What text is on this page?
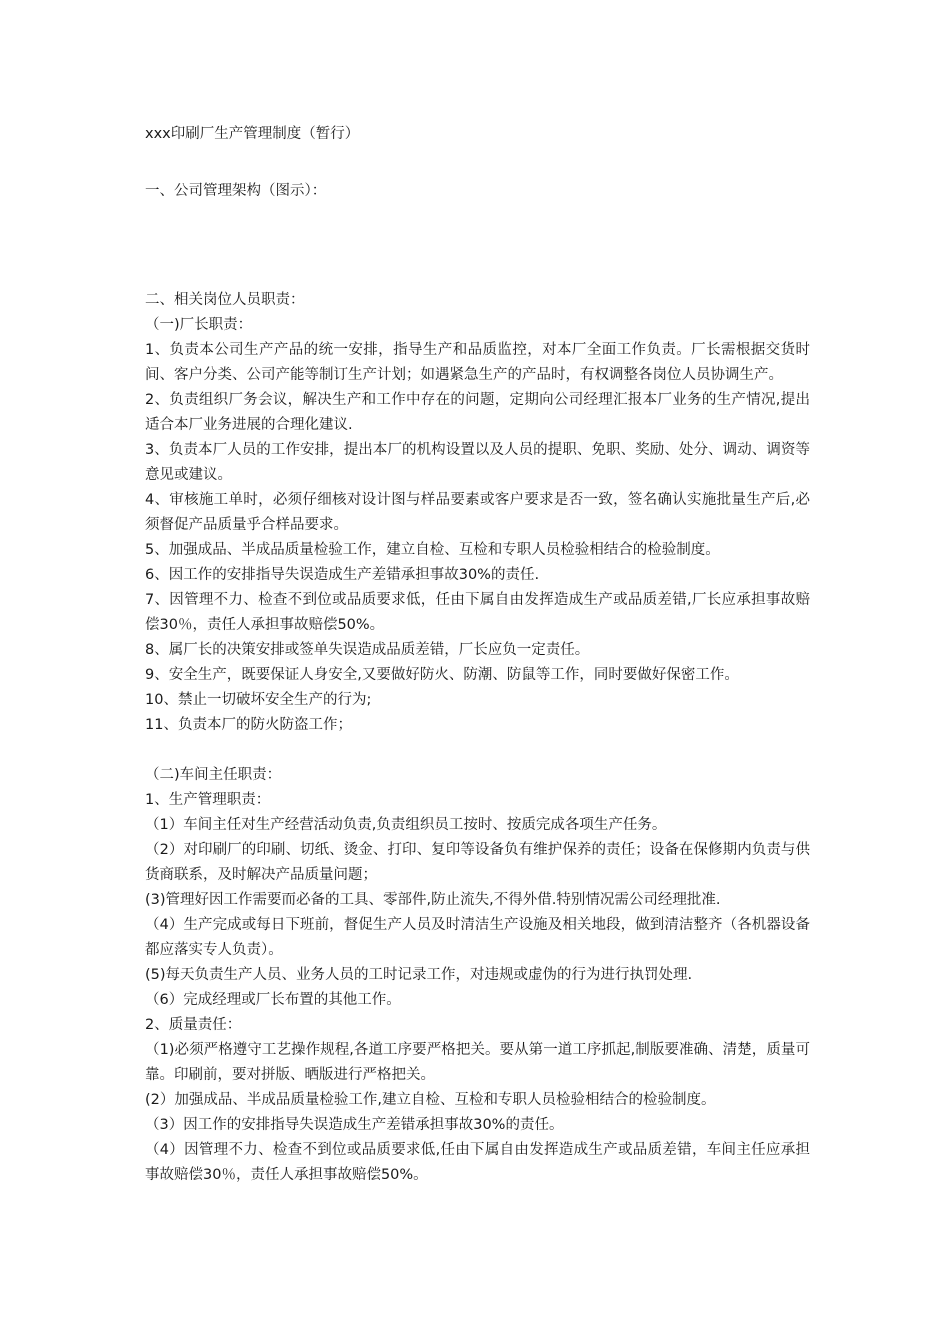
xxx印刷厂生产管理制度（暂行）
一、公司管理架构（图示）：
二、相关岗位人员职责：
（一)厂长职责：
1、负责本公司生产产品的统一安排，指导生产和品质监控，对本厂全面工作负责。厂长需根据交货时间、客户分类、公司产能等制订生产计划；如遇紧急生产的产品时，有权调整各岗位人员协调生产。
2、负责组织厂务会议，解决生产和工作中存在的问题，定期向公司经理汇报本厂业务的生产情况,提出适合本厂业务进展的合理化建议.
3、负责本厂人员的工作安排，提出本厂的机构设置以及人员的提职、免职、奖励、处分、调动、调资等意见或建议。
4、审核施工单时，必须仔细核对设计图与样品要素或客户要求是否一致，签名确认实施批量生产后,必须督促产品质量乎合样品要求。
5、加强成品、半成品质量检验工作，建立自检、互检和专职人员检验相结合的检验制度。
6、因工作的安排指导失误造成生产差错承担事故30%的责任.
7、因管理不力、检查不到位或品质要求低，任由下属自由发挥造成生产或品质差错,厂长应承担事故赔偿30％，责任人承担事故赔偿50%。
8、属厂长的决策安排或签单失误造成品质差错，厂长应负一定责任。
9、安全生产，既要保证人身安全,又要做好防火、防潮、防鼠等工作，同时要做好保密工作。
10、禁止一切破坏安全生产的行为;
11、负责本厂的防火防盗工作；
（二)车间主任职责：
1、生产管理职责：
（1）车间主任对生产经营活动负责,负责组织员工按时、按质完成各项生产任务。
（2）对印刷厂的印刷、切纸、烫金、打印、复印等设备负有维护保养的责任；设备在保修期内负责与供货商联系，及时解决产品质量问题；
(3)管理好因工作需要而必备的工具、零部件,防止流失,不得外借.特别情况需公司经理批准.
（4）生产完成或每日下班前，督促生产人员及时清洁生产设施及相关地段，做到清洁整齐（各机器设备都应落实专人负责）。
(5)每天负责生产人员、业务人员的工时记录工作，对违规或虚伪的行为进行执罚处理.
（6）完成经理或厂长布置的其他工作。
2、质量责任：
（1)必须严格遵守工艺操作规程,各道工序要严格把关。要从第一道工序抓起,制版要准确、清楚，质量可靠。印刷前，要对拼版、晒版进行严格把关。
(2）加强成品、半成品质量检验工作,建立自检、互检和专职人员检验相结合的检验制度。
（3）因工作的安排指导失误造成生产差错承担事故30%的责任。
（4）因管理不力、检查不到位或品质要求低,任由下属自由发挥造成生产或品质差错，车间主任应承担事故赔偿30％，责任人承担事故赔偿50%。
